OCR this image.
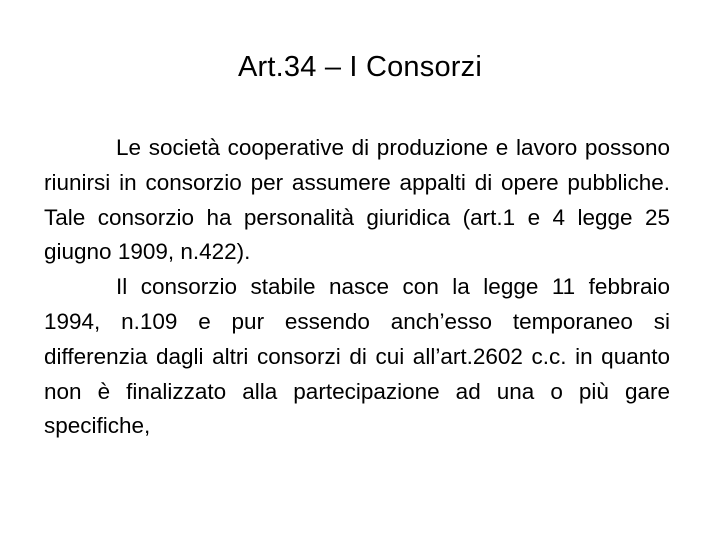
Art.34 – I Consorzi

Le società cooperative di produzione e lavoro possono riunirsi in consorzio per assumere appalti di opere pubbliche. Tale consorzio ha personalità giuridica (art.1 e 4 legge 25 giugno 1909, n.422).

Il consorzio stabile nasce con la legge 11 febbraio 1994, n.109 e pur essendo anch’esso temporaneo si differenzia dagli altri consorzi di cui all’art.2602 c.c. in quanto non è finalizzato alla partecipazione ad una o più gare specifiche,
